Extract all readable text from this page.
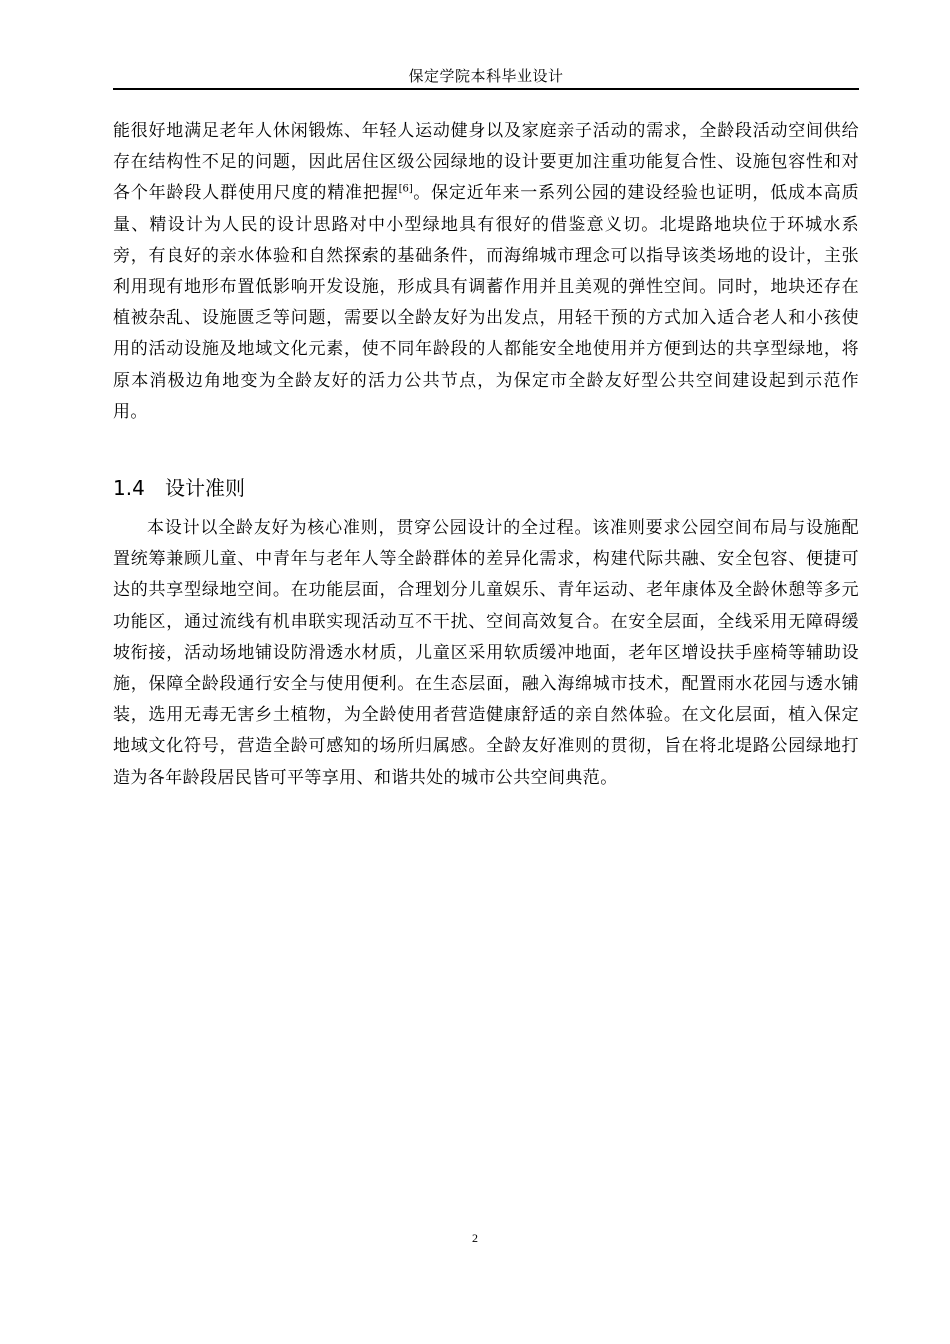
保定学院本科毕业设计

能很好地满足老年人休闲锻炼、年轻人运动健身以及家庭亲子活动的需求，全龄段活动空间供给存在结构性不足的问题，因此居住区级公园绿地的设计要更加注重功能复合性、设施包容性和对各个年龄段人群使用尺度的精准把握[6]。保定近年来一系列公园的建设经验也证明，低成本高质量、精设计为人民的设计思路对中小型绿地具有很好的借鉴意义切。北堤路地块位于环城水系旁，有良好的亲水体验和自然探索的基础条件，而海绵城市理念可以指导该类场地的设计，主张利用现有地形布置低影响开发设施，形成具有调蓄作用并且美观的弹性空间。同时，地块还存在植被杂乱、设施匮乏等问题，需要以全龄友好为出发点，用轻干预的方式加入适合老人和小孩使用的活动设施及地域文化元素，使不同年龄段的人都能安全地使用并方便到达的共享型绿地，将原本消极边角地变为全龄友好的活力公共节点，为保定市全龄友好型公共空间建设起到示范作用。

1.4 设计准则

本设计以全龄友好为核心准则，贯穿公园设计的全过程。该准则要求公园空间布局与设施配置统筹兼顾儿童、中青年与老年人等全龄群体的差异化需求，构建代际共融、安全包容、便捷可达的共享型绿地空间。在功能层面，合理划分儿童娱乐、青年运动、老年康体及全龄休憩等多元功能区，通过流线有机串联实现活动互不干扰、空间高效复合。在安全层面，全线采用无障碍缓坡衔接，活动场地铺设防滑透水材质，儿童区采用软质缓冲地面，老年区增设扶手座椅等辅助设施，保障全龄段通行安全与使用便利。在生态层面，融入海绵城市技术，配置雨水花园与透水铺装，选用无毒无害乡土植物，为全龄使用者营造健康舒适的亲自然体验。在文化层面，植入保定地域文化符号，营造全龄可感知的场所归属感。全龄友好准则的贯彻，旨在将北堤路公园绿地打造为各年龄段居民皆可平等享用、和谐共处的城市公共空间典范。

2
